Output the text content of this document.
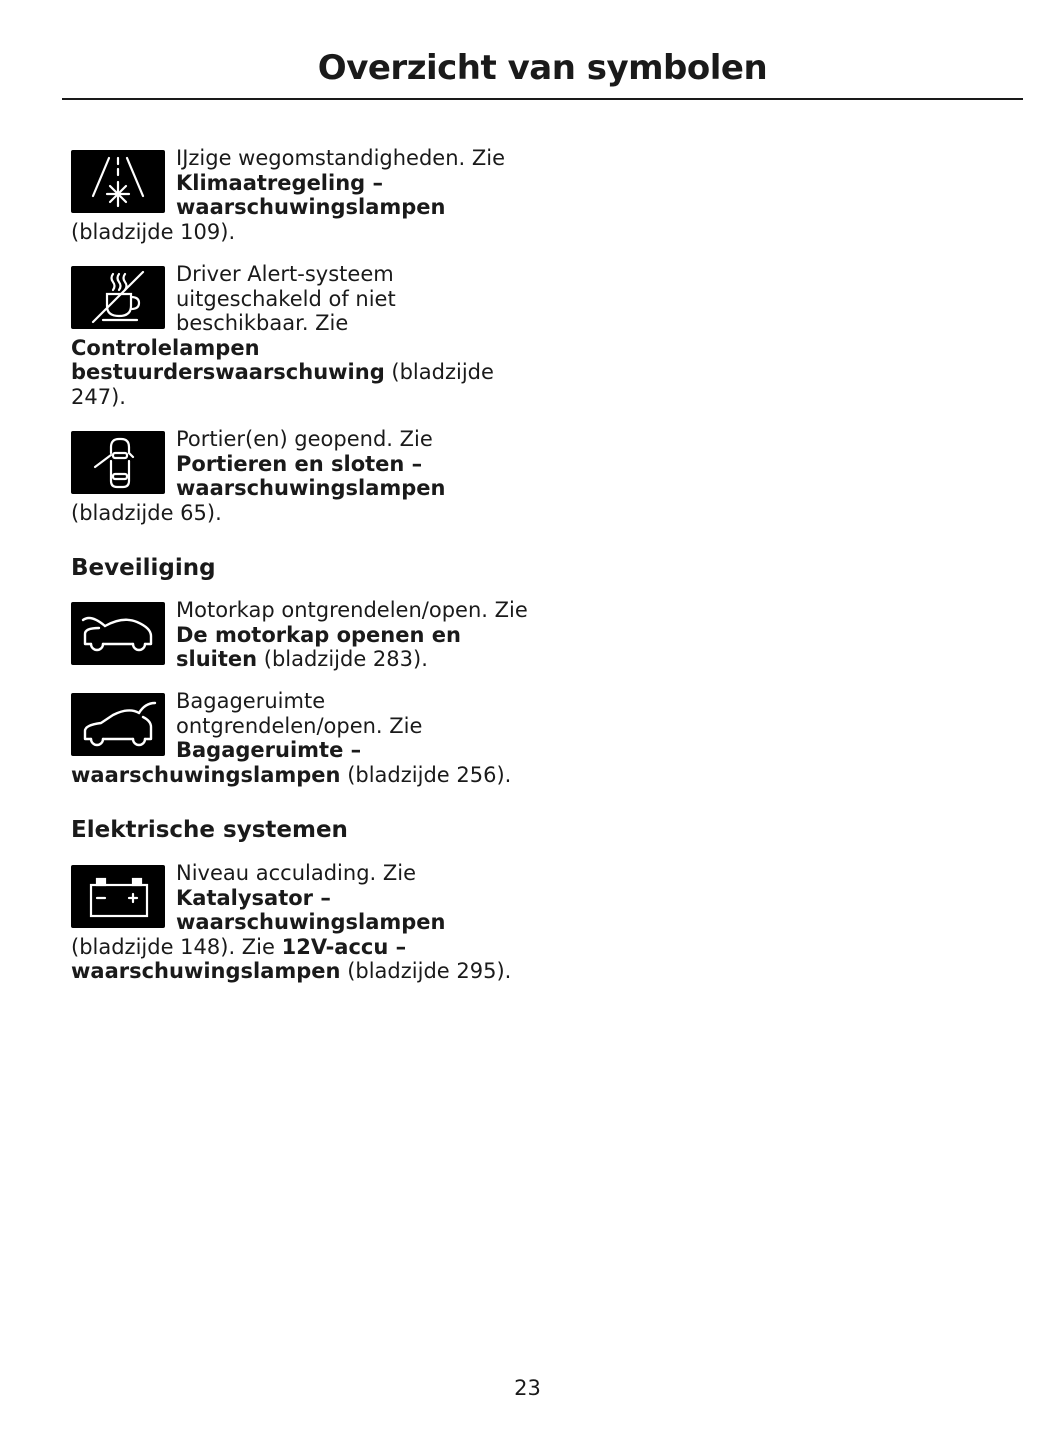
Overzicht van symbolen
IJzige wegomstandigheden. Zie Klimaatregeling – waarschuwingslampen (bladzijde 109).
Driver Alert-systeem uitgeschakeld of niet beschikbaar. Zie Controlelampen bestuurderswaarschuwing (bladzijde 247).
Portier(en) geopend. Zie Portieren en sloten – waarschuwingslampen (bladzijde 65).
Beveiliging
Motorkap ontgrendelen/open. Zie De motorkap openen en sluiten (bladzijde 283).
Bagageruimte ontgrendelen/open. Zie Bagageruimte – waarschuwingslampen (bladzijde 256).
Elektrische systemen
Niveau acculading. Zie Katalysator – waarschuwingslampen (bladzijde 148). Zie 12V-accu – waarschuwingslampen (bladzijde 295).
23
